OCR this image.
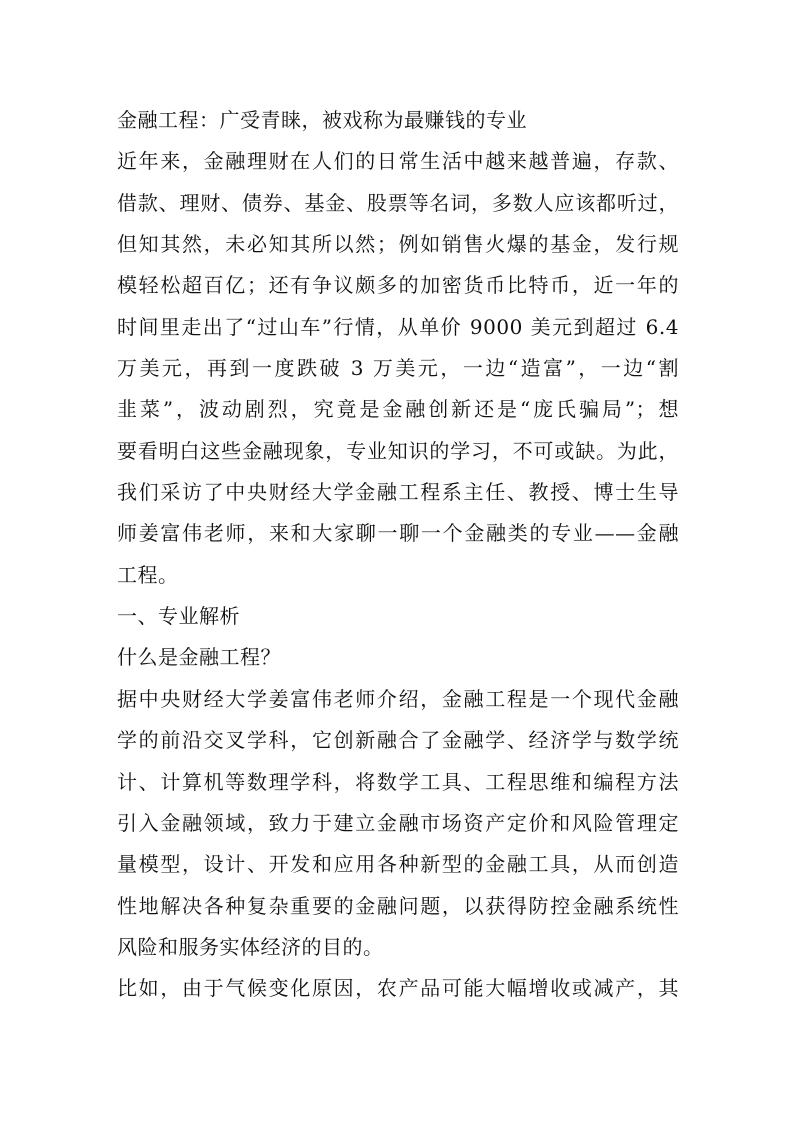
金融工程：广受青睐，被戏称为最赚钱的专业
近年来，金融理财在人们的日常生活中越来越普遍，存款、
借款、理财、债券、基金、股票等名词，多数人应该都听过，
但知其然，未必知其所以然；例如销售火爆的基金，发行规
模轻松超百亿；还有争议颇多的加密货币比特币，近一年的
时间里走出了“过山车”行情，从单价 9000 美元到超过 6.4
万美元，再到一度跌破 3 万美元，一边“造富”，一边“割
韭菜”，波动剧烈，究竟是金融创新还是“庞氏骗局”；想
要看明白这些金融现象，专业知识的学习，不可或缺。为此，
我们采访了中央财经大学金融工程系主任、教授、博士生导
师姜富伟老师，来和大家聊一聊一个金融类的专业——金融
工程。
一、专业解析
什么是金融工程？
据中央财经大学姜富伟老师介绍，金融工程是一个现代金融
学的前沿交叉学科，它创新融合了金融学、经济学与数学统
计、计算机等数理学科，将数学工具、工程思维和编程方法
引入金融领域，致力于建立金融市场资产定价和风险管理定
量模型，设计、开发和应用各种新型的金融工具，从而创造
性地解决各种复杂重要的金融问题，以获得防控金融系统性
风险和服务实体经济的目的。
比如，由于气候变化原因，农产品可能大幅增收或减产，其
